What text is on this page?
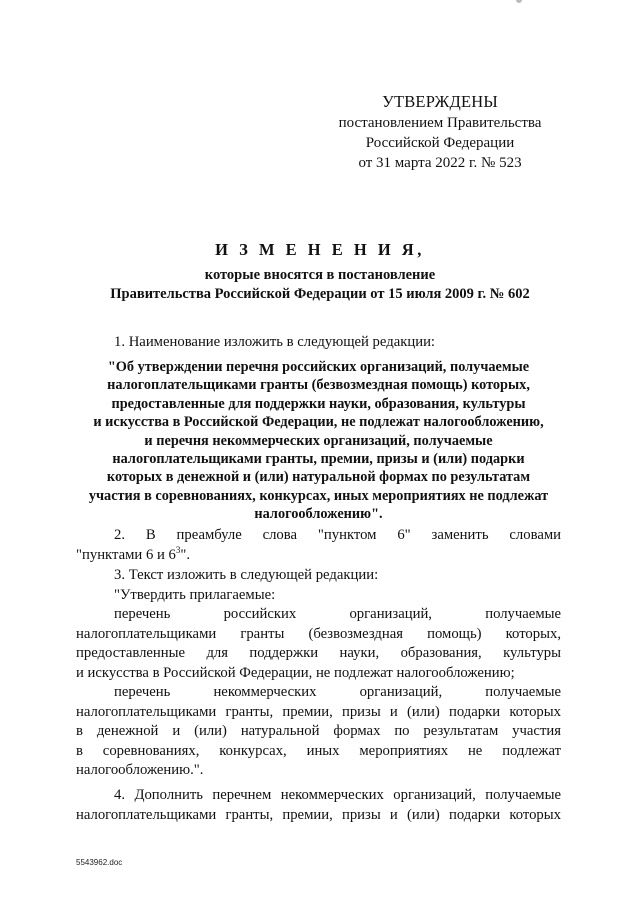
УТВЕРЖДЕНЫ
постановлением Правительства
Российской Федерации
от 31 марта 2022 г. № 523
И З М Е Н Е Н И Я,
которые вносятся в постановление
Правительства Российской Федерации от 15 июля 2009 г. № 602

1. Наименование изложить в следующей редакции:

"Об утверждении перечня российских организаций, получаемые
налогоплательщиками гранты (безвозмездная помощь) которых,
предоставленные для поддержки науки, образования, культуры
и искусства в Российской Федерации, не подлежат налогообложению,
и перечня некоммерческих организаций, получаемые
налогоплательщиками гранты, премии, призы и (или) подарки
которых в денежной и (или) натуральной формах по результатам
участия в соревнованиях, конкурсах, иных мероприятиях не подлежат
налогообложению".

2. В преамбуле слова "пунктом 6" заменить словами

"пунктами 6 и $6^3$".

3. Текст изложить в следующей редакции:

"Утвердить прилагаемые:

перечень российских организаций, получаемые

налогоплательщиками гранты (безвозмездная помощь) которых,

предоставленные для поддержки науки, образования, культуры

и искусства в Российской Федерации, не подлежат налогообложению;

перечень некоммерческих организаций, получаемые

налогоплательщиками гранты, премии, призы и (или) подарки которых

в денежной и (или) натуральной формах по результатам участия

в соревнованиях, конкурсах, иных мероприятиях не подлежат

налогообложению.".

4. Дополнить перечнем некоммерческих организаций, получаемые

налогоплательщиками гранты, премии, призы и (или) подарки которых

5543962.doc
